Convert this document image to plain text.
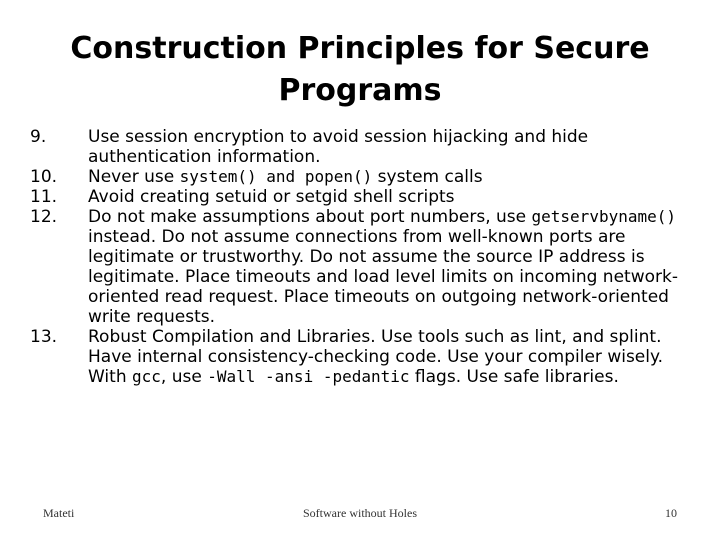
Construction Principles for Secure
Programs
9.	Use session encryption to avoid session hijacking and hide authentication information.
10.	Never use system() and popen() system calls
11.	Avoid creating setuid or setgid shell scripts
12.	Do not make assumptions about port numbers, use getservbyname() instead. Do not assume connections from well-known ports are legitimate or trustworthy. Do not assume the source IP address is legitimate. Place timeouts and load level limits on incoming network-oriented read request. Place timeouts on outgoing network-oriented write requests.
13.	Robust Compilation and Libraries. Use tools such as lint, and splint. Have internal consistency-checking code. Use your compiler wisely. With gcc, use -Wall -ansi -pedantic flags. Use safe libraries.
Mateti	Software without Holes	10
